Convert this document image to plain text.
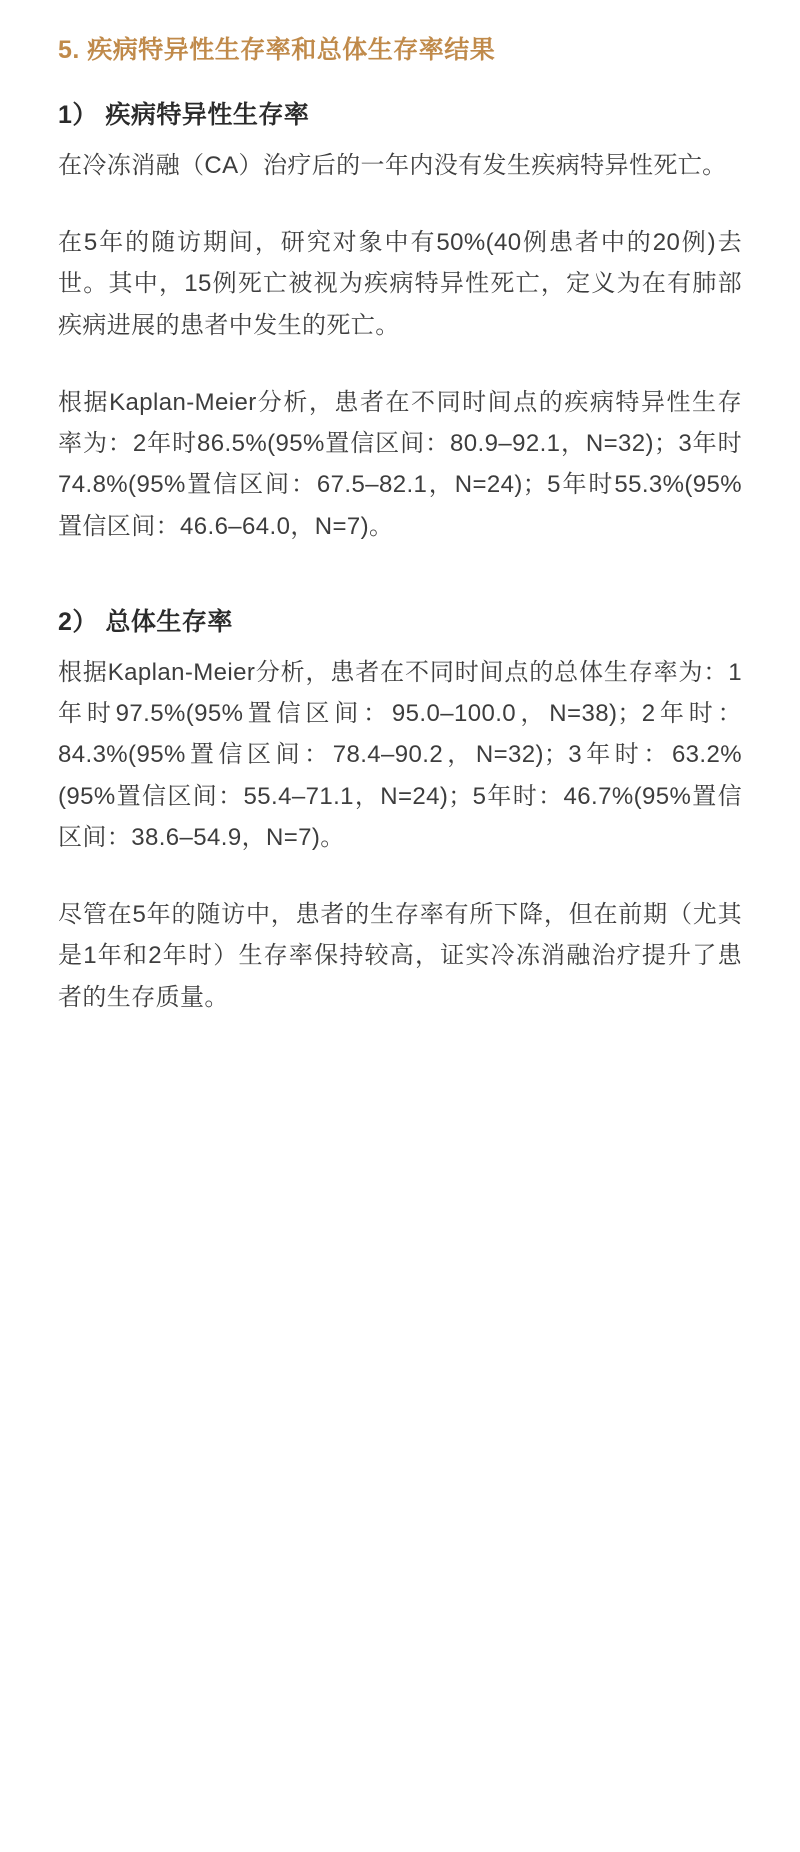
5. 疾病特异性生存率和总体生存率结果
1） 疾病特异性生存率

在冷冻消融（CA）治疗后的一年内没有发生疾病特异性死亡。

在5年的随访期间，研究对象中有50%(40例患者中的20例)去世。其中，15例死亡被视为疾病特异性死亡，定义为在有肺部疾病进展的患者中发生的死亡。

根据Kaplan-Meier分析，患者在不同时间点的疾病特异性生存率为：2年时86.5%(95%置信区间：80.9–92.1，N=32)；3年时74.8%(95%置信区间：67.5–82.1，N=24)；5年时55.3%(95%置信区间：46.6–64.0，N=7)。

2） 总体生存率

根据Kaplan-Meier分析，患者在不同时间点的总体生存率为：1年时97.5%(95%置信区间：95.0–100.0，N=38)；2年时：84.3%(95%置信区间：78.4–90.2，N=32)；3年时：63.2%(95%置信区间：55.4–71.1，N=24)；5年时：46.7%(95%置信区间：38.6–54.9，N=7)。

尽管在5年的随访中，患者的生存率有所下降，但在前期（尤其是1年和2年时）生存率保持较高，证实冷冻消融治疗提升了患者的生存质量。
